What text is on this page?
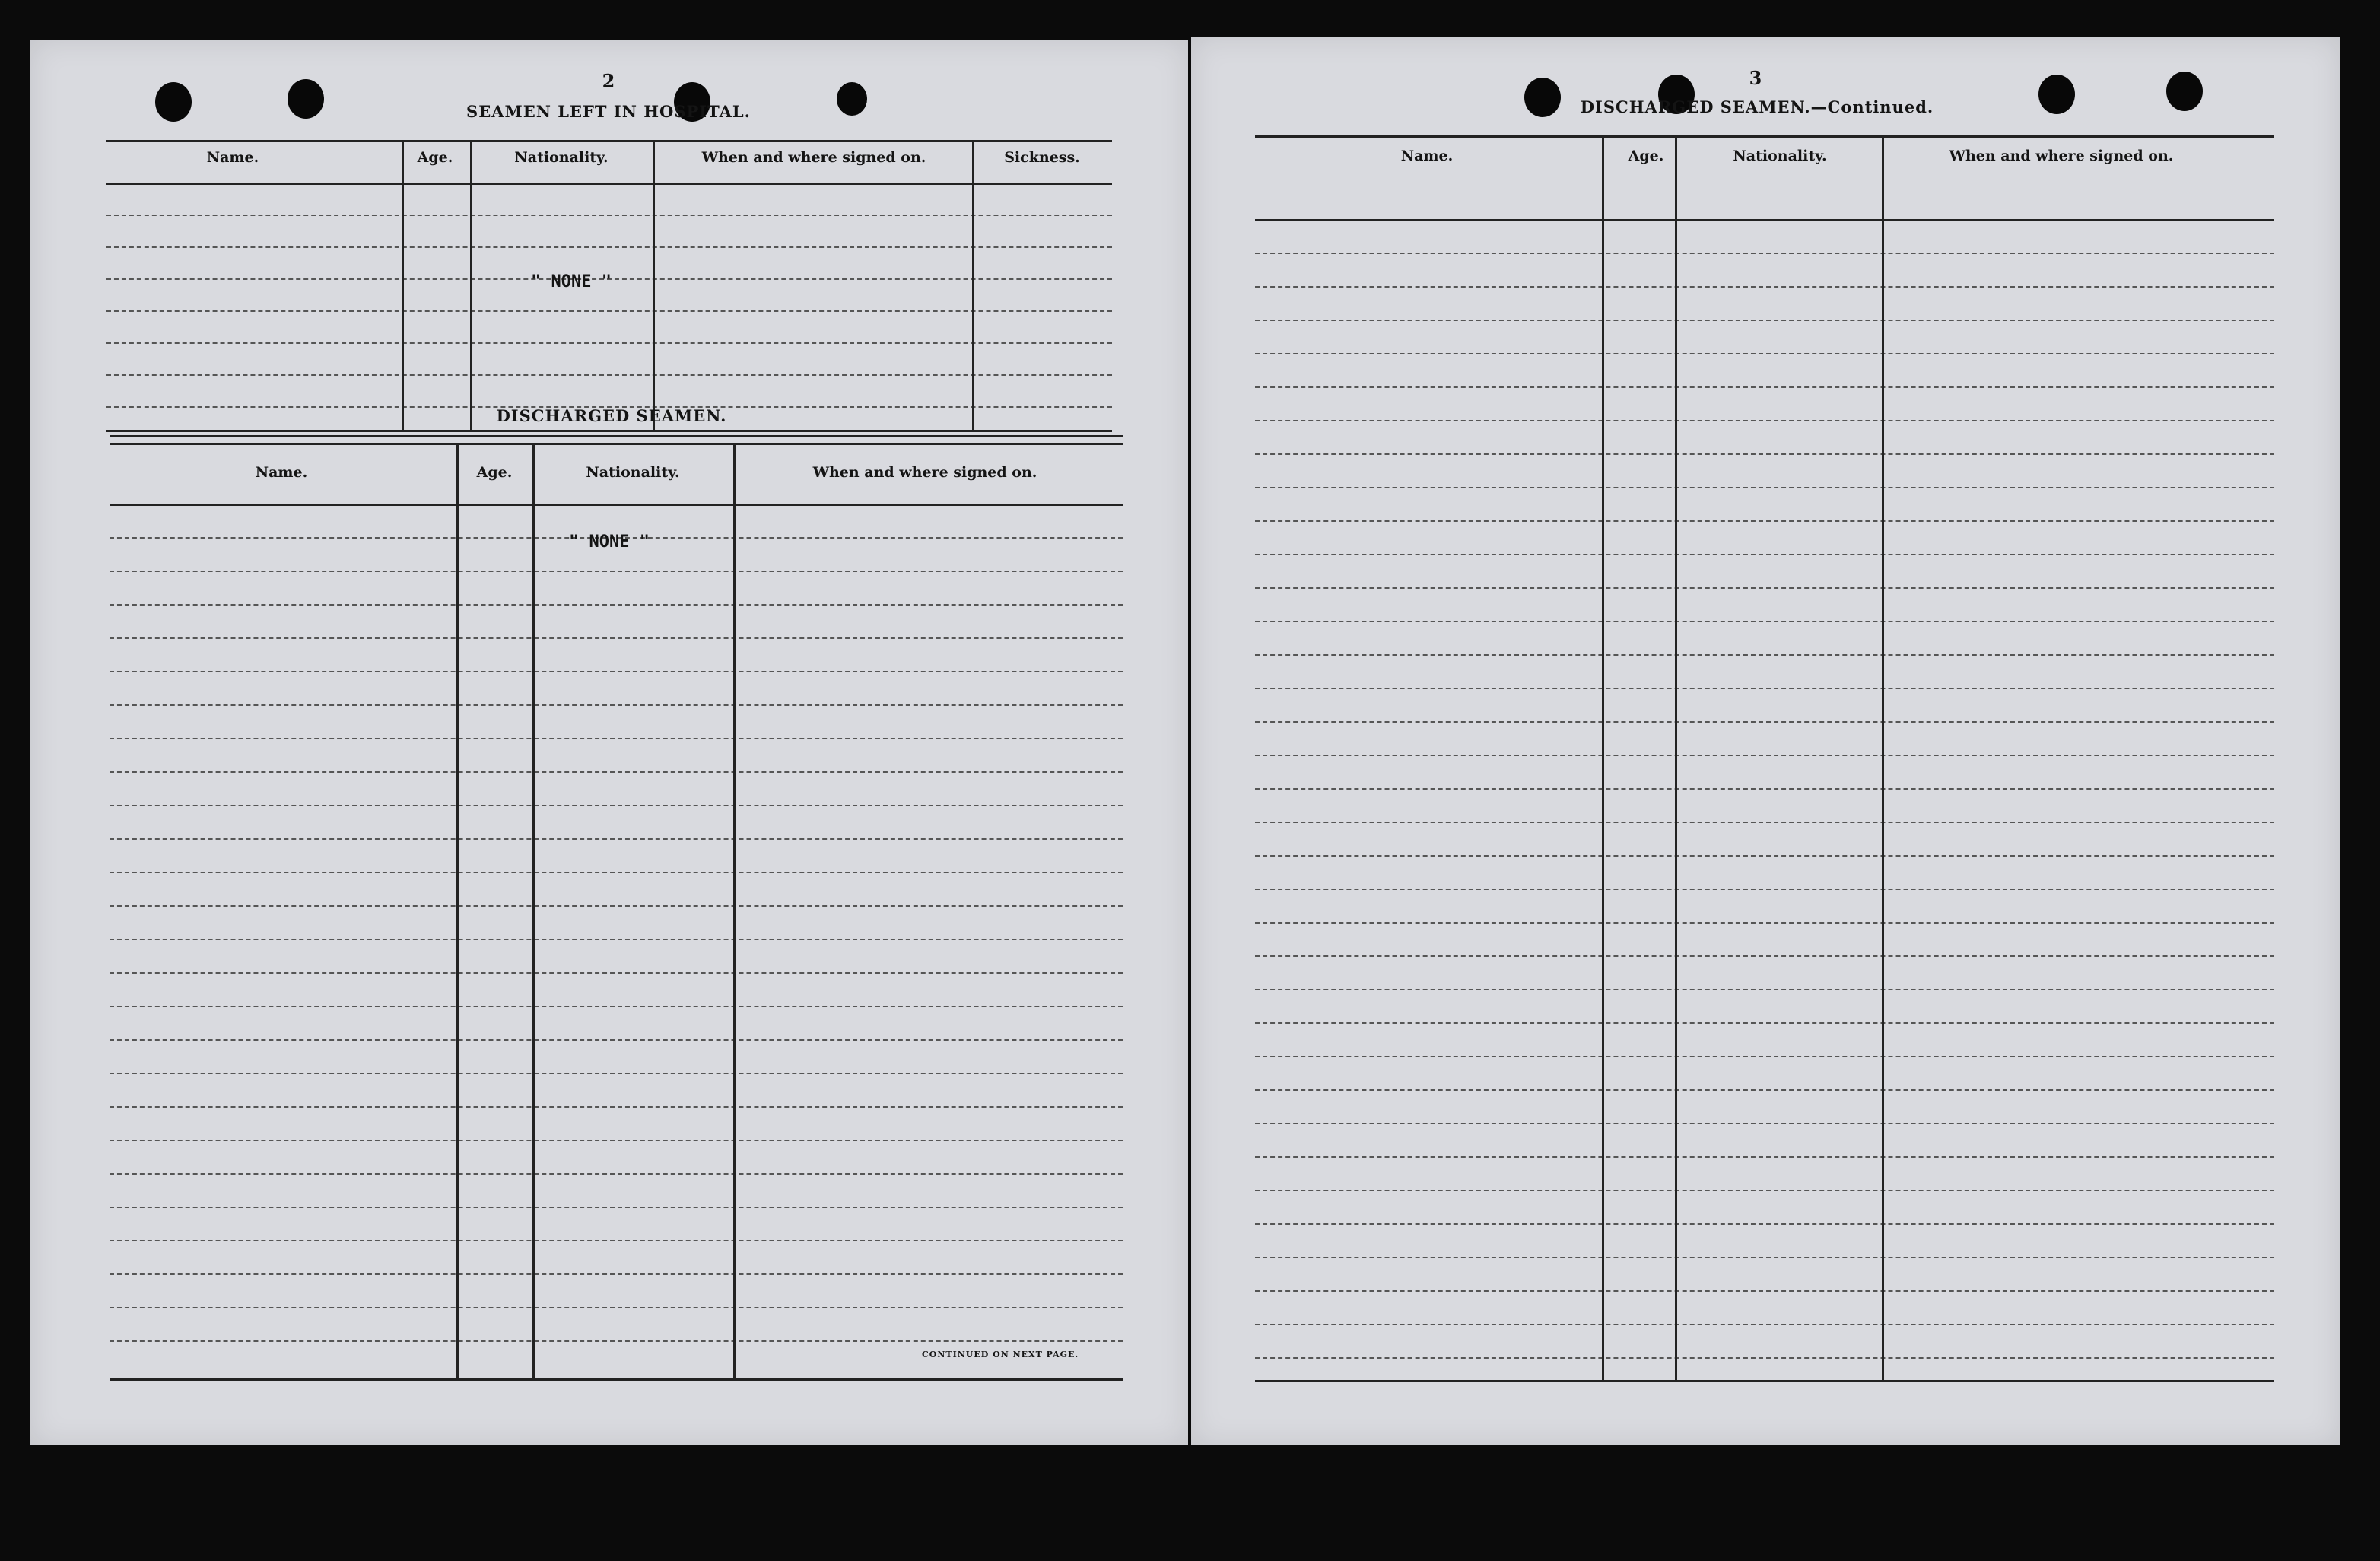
2
SEAMEN LEFT IN HOSPITAL.
Name.	Age.	Nationality.	When and where signed on.	Sickness.
" NONE "
DISCHARGED SEAMEN.
Name.	Age.	Nationality.	When and where signed on.
" NONE "
CONTINUED ON NEXT PAGE.
3
DISCHARGED SEAMEN.—Continued.
Name.	Age.	Nationality.	When and where signed on.
